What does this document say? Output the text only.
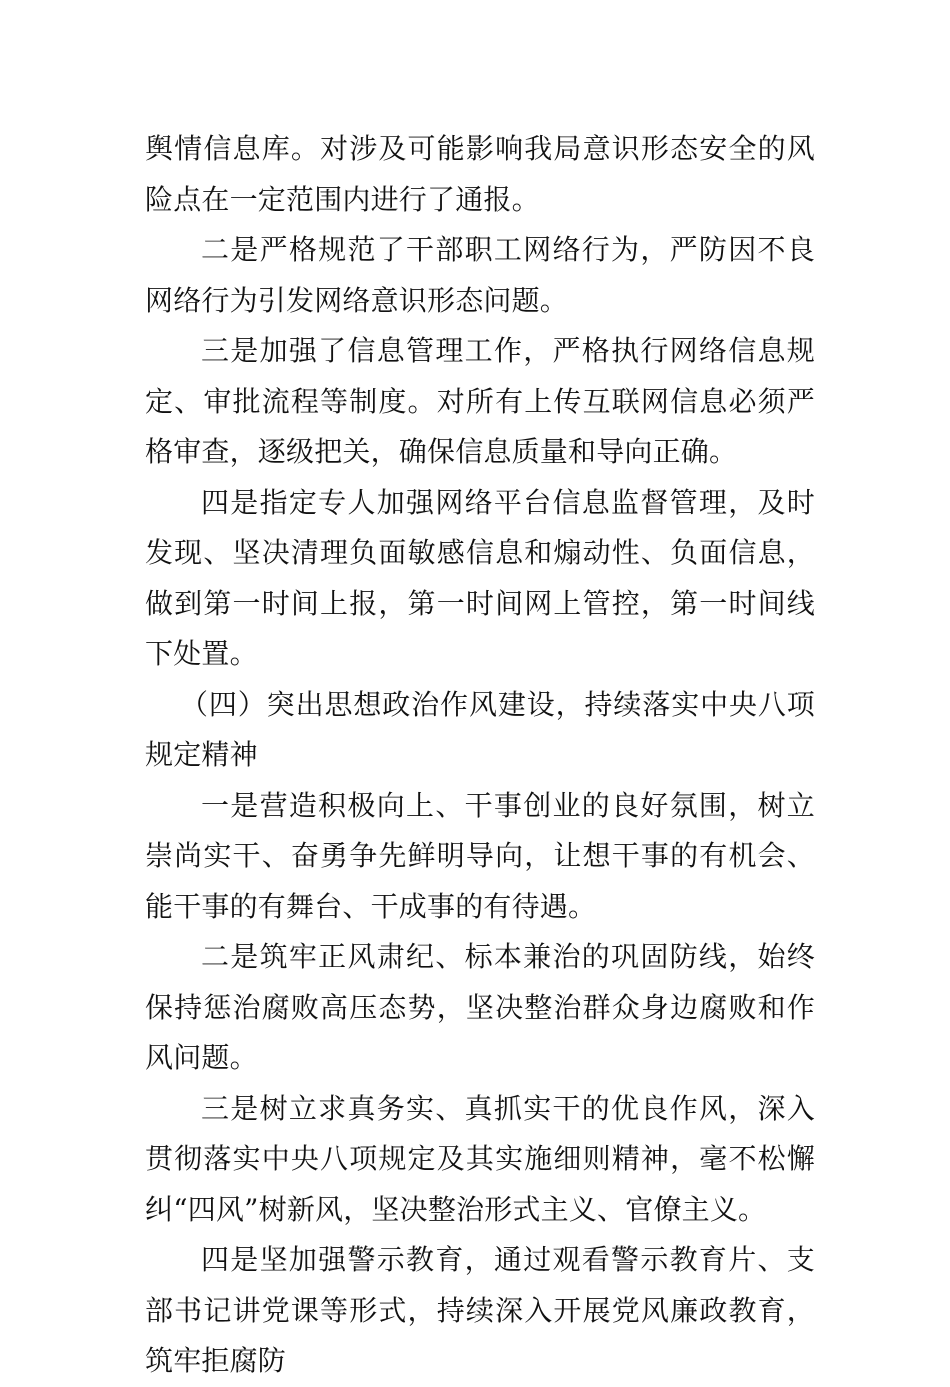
舆情信息库。对涉及可能影响我局意识形态安全的风险点在一定范围内进行了通报。

二是严格规范了干部职工网络行为，严防因不良网络行为引发网络意识形态问题。

三是加强了信息管理工作，严格执行网络信息规定、审批流程等制度。对所有上传互联网信息必须严格审查，逐级把关，确保信息质量和导向正确。

四是指定专人加强网络平台信息监督管理，及时发现、坚决清理负面敏感信息和煽动性、负面信息，做到第一时间上报，第一时间网上管控，第一时间线下处置。

（四）突出思想政治作风建设，持续落实中央八项规定精神

一是营造积极向上、干事创业的良好氛围，树立崇尚实干、奋勇争先鲜明导向，让想干事的有机会、能干事的有舞台、干成事的有待遇。

二是筑牢正风肃纪、标本兼治的巩固防线，始终保持惩治腐败高压态势，坚决整治群众身边腐败和作风问题。

三是树立求真务实、真抓实干的优良作风，深入贯彻落实中央八项规定及其实施细则精神，毫不松懈纠“四风”树新风，坚决整治形式主义、官僚主义。

四是坚加强警示教育，通过观看警示教育片、支部书记讲党课等形式，持续深入开展党风廉政教育，筑牢拒腐防
